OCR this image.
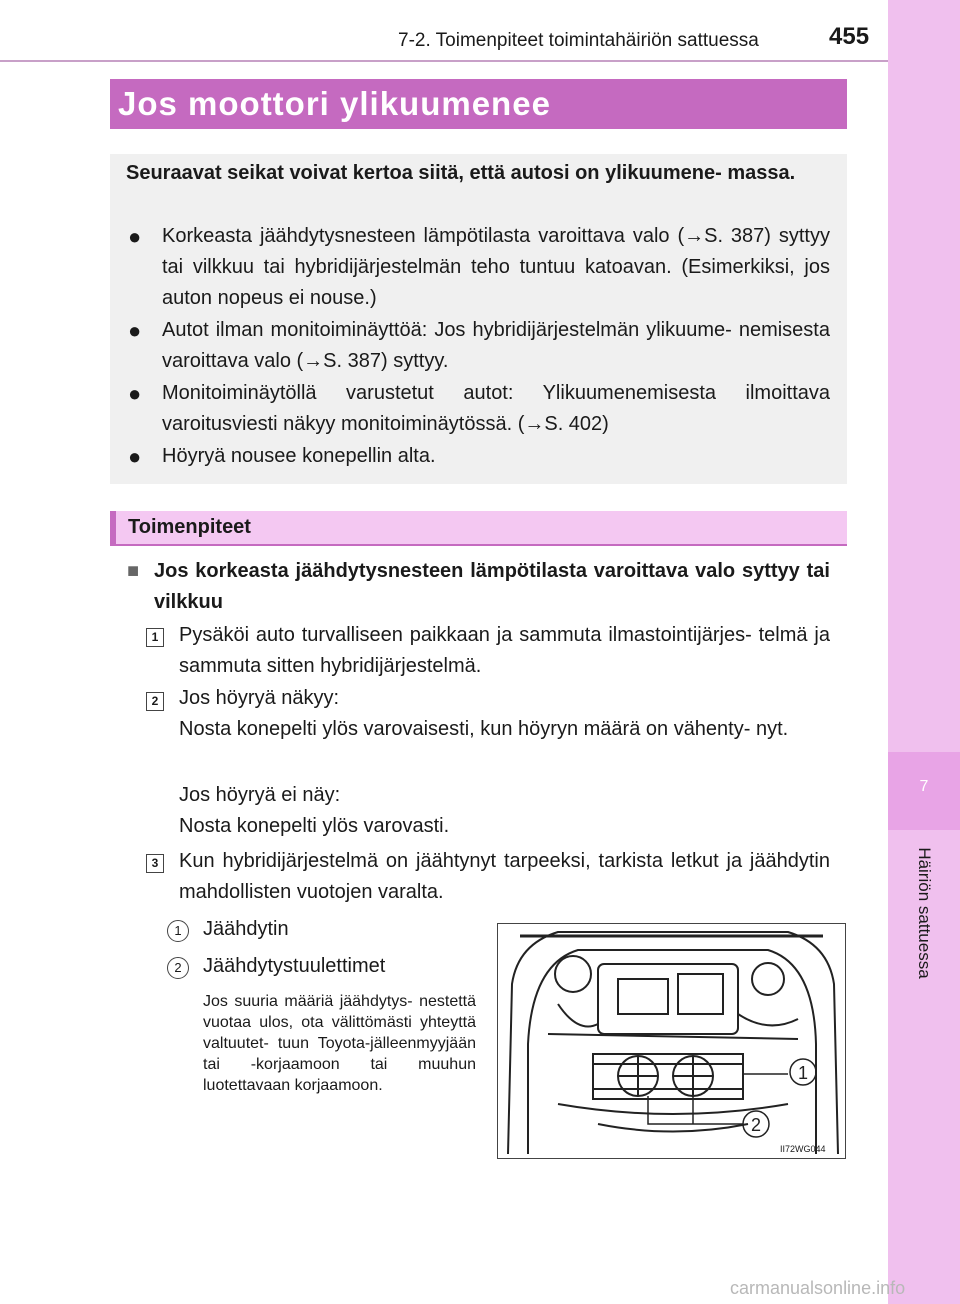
7-2. Toimenpiteet toimintahäiriön sattuessa	455
7
Häiriön sattuessa
Jos moottori ylikuumenee
Seuraavat seikat voivat kertoa siitä, että autosi on ylikuumene- massa.
● Korkeasta jäähdytysnesteen lämpötilasta varoittava valo (→S. 387) syttyy tai vilkkuu tai hybridijärjestelmän teho tuntuu katoavan. (Esimerkiksi, jos auton nopeus ei nouse.)
● Autot ilman monitoiminäyttöä: Jos hybridijärjestelmän ylikuume- nemisesta varoittava valo (→S. 387) syttyy.
● Monitoiminäytöllä varustetut autot: Ylikuumenemisesta ilmoittava varoitusviesti näkyy monitoiminäytössä. (→S. 402)
● Höyryä nousee konepellin alta.
Toimenpiteet
■ Jos korkeasta jäähdytysnesteen lämpötilasta varoittava valo syttyy tai vilkkuu
1 Pysäköi auto turvalliseen paikkaan ja sammuta ilmastointijärjes- telmä ja sammuta sitten hybridijärjestelmä.
2 Jos höyryä näkyy:
Nosta konepelti ylös varovaisesti, kun höyryn määrä on vähenty- nyt.
Jos höyryä ei näy:
Nosta konepelti ylös varovasti.
3 Kun hybridijärjestelmä on jäähtynyt tarpeeksi, tarkista letkut ja jäähdytin mahdollisten vuotojen varalta.
1	Jäähdytin
2	Jäähdytystuulettimet
Jos suuria määriä jäähdytys- nestettä vuotaa ulos, ota välittömästi yhteyttä valtuutet- tuun Toyota-jälleenmyyjään tai -korjaamoon tai muuhun luotettavaan korjaamoon.
1
2
II72WG044
carmanualsonline.info
